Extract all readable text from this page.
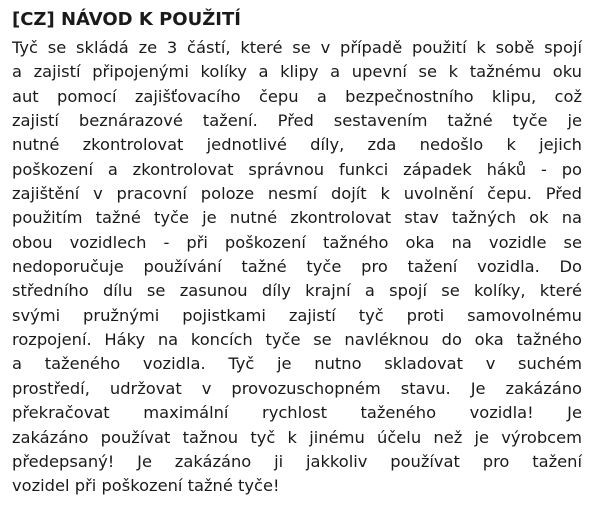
[CZ] NÁVOD K POUŽITÍ
Tyč se skládá ze 3 částí, které se v případě použití k sobě spojí
a zajistí připojenými kolíky a klipy a upevní se k tažnému oku
aut pomocí zajišťovacího čepu a bezpečnostního klipu, což
zajistí beznárazové tažení. Před sestavením tažné tyče je
nutné zkontrolovat jednotlivé díly, zda nedošlo k jejich
poškození a zkontrolovat správnou funkci západek háků - po
zajištění v pracovní poloze nesmí dojít k uvolnění čepu. Před
použitím tažné tyče je nutné zkontrolovat stav tažných ok na
obou vozidlech - při poškození tažného oka na vozidle se
nedoporučuje používání tažné tyče pro tažení vozidla. Do
středního dílu se zasunou díly krajní a spojí se kolíky, které
svými pružnými pojistkami zajistí tyč proti samovolnému
rozpojení. Háky na koncích tyče se navléknou do oka tažného
a taženého vozidla. Tyč je nutno skladovat v suchém
prostředí, udržovat v provozuschopném stavu. Je zakázáno
překračovat maximální rychlost taženého vozidla! Je
zakázáno používat tažnou tyč k jinému účelu než je výrobcem
předepsaný! Je zakázáno ji jakkoliv používat pro tažení
vozidel při poškození tažné tyče!
